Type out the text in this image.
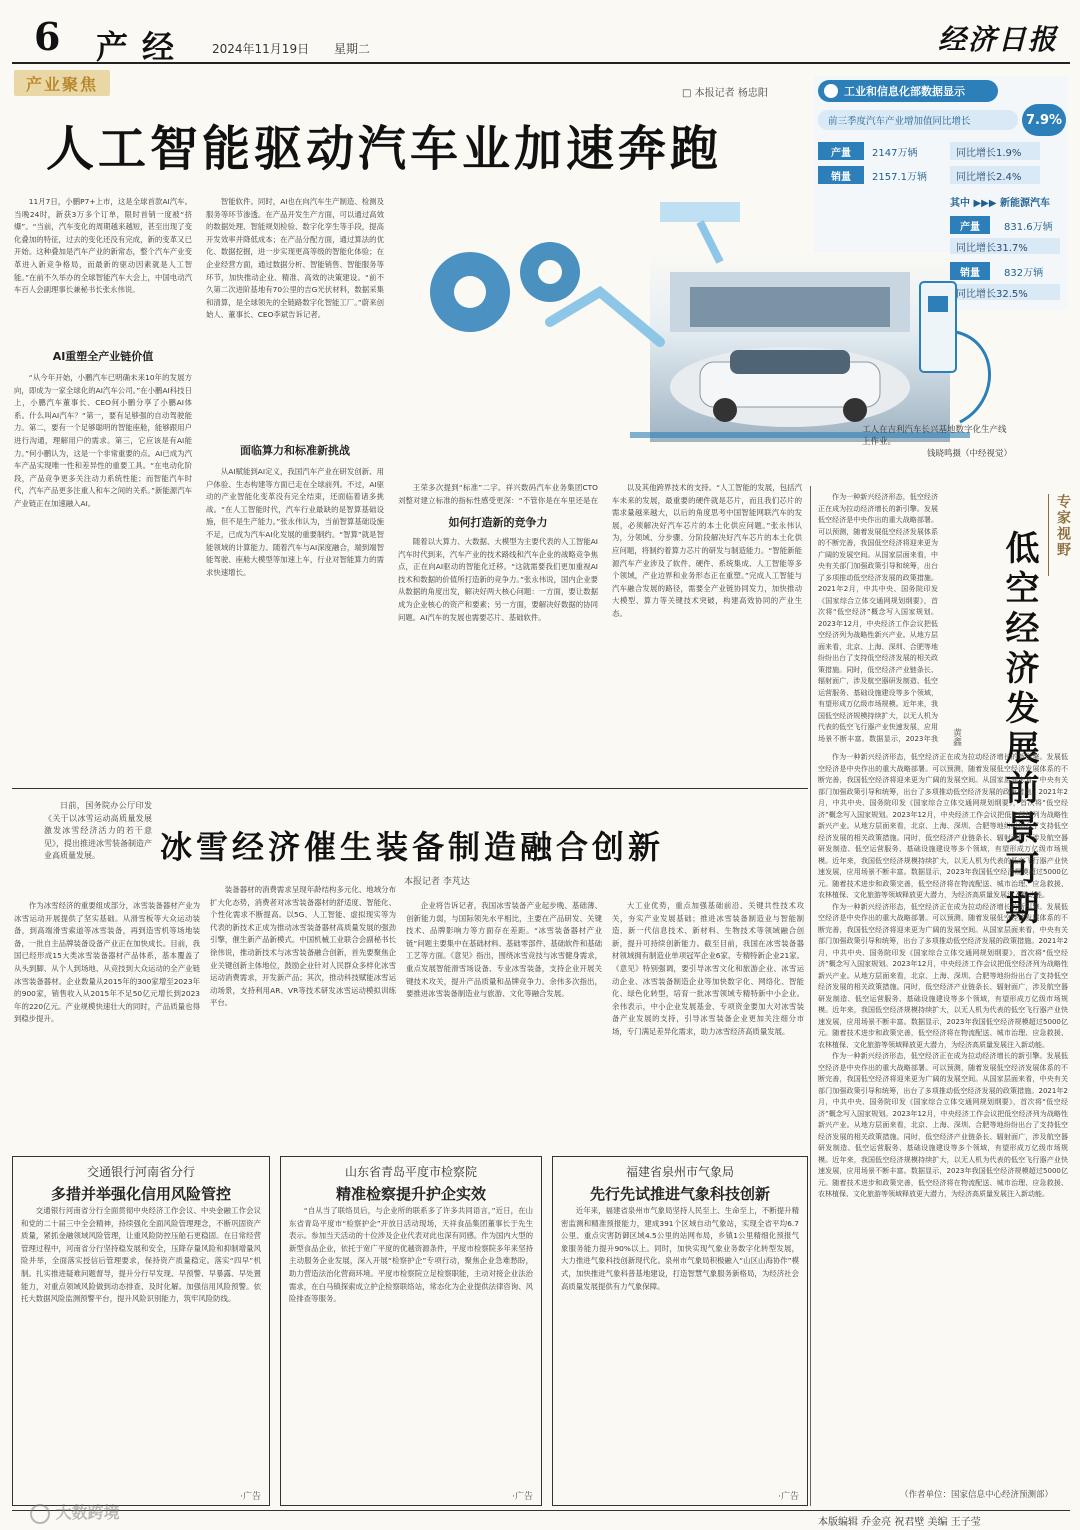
6 产经 2024年11月19日 星期二	经济日报
产业聚焦	□ 本报记者 杨忠阳
人工智能驱动汽车业加速奔跑
工业和信息化部数据显示
前三季度汽车产业增加值同比增长	7.9%
产量	2147万辆	同比增长1.9%
销量	2157.1万辆	同比增长2.4%
其中 ▶▶▶ 新能源汽车
产量	831.6万辆
同比增长31.7%
销量	832万辆
同比增长32.5%
工人在吉利汽车长兴基地数字化生产线上作业。
钱晓鸣摄（中经视觉）

11月7日，小鹏P7+上市，这是全球首款AI汽车。当晚24时，新获3万多个订单，限时首销一度被“挤爆”。“当前，汽车变化的周期越来越短，甚至出现了变化叠加的特征，过去的变化还没有完成，新的变革又已开始。这种叠加是汽车产业的新常态，整个汽车产业变革进入新竞争格局，而最新的驱动因素就是人工智能。”在前不久举办的全球智能汽车大会上，中国电动汽车百人会副理事长兼秘书长张永伟说。

AI重塑全产业链价值

“从今年开始，小鹏汽车已明确未来10年的发展方向，即成为一家全球化的AI汽车公司。”在小鹏AI科技日上，小鹏汽车董事长、CEO何小鹏分享了小鹏AI体系。什么叫AI汽车？“第一，要有足够强的自动驾驶能力。第二，要有一个足够聪明的智能座舱，能够跟用户进行沟通，理解用户的需求。第三，它应该是有AI能力。”何小鹏认为，这是一个非常重要的点。AI已成为汽车产品实现唯一性和差异性的重要工具。“在电动化阶段，产品竞争更多关注动力系统性能；而智能汽车时代，汽车产品更多注重人和车之间的关系。”新能源汽车产业链正在加速融入AI。

智能软件。同时，AI也在向汽车生产制造、检测及服务等环节渗透。在产品开发生产方面，可以通过高效的数据处理、智能规划检验、数字化孪生等手段，提高开发效率并降低成本；在产品分配方面，通过算法的优化、数据挖掘，进一步实现更高等级的智能化体验；在企业经营方面，通过数据分析、智能销售、智能服务等环节，加快推动企业、精准、高效的决策建设。“前不久第二次进阶基地有70公里的吉G光伏材料，数据采集和清算，是全球领先的全链路数字化智能工厂。”蔚来创始人、董事长、CEO李斌告诉记者。

面临算力和标准新挑战

从AI赋能到AI定义，我国汽车产业在研发创新、用户体验、生态构建等方面已走在全球前列。不过，AI驱动的产业智能化变革没有完全结束，还面临着诸多挑战。“在人工智能时代，汽车行业最缺的是智算基础设施，但不是生产能力。”张永伟认为，当前智算基础设施不足，已成为汽车AI化发展的重要制约。“智算”就是智能领域的计算能力。随着汽车与AI深度融合，端到端智能驾驶、座舱大模型等加速上车，行业对智能算力的需求快速增长。

王荣多次提到“标准”二字。祥兴数码汽车业务集团CTO刘整对建立标准的指标性感受更深：“不管你是在车里还是在

随着以大算力、大数据、大模型为主要代表的人工智能AI汽车时代到来，汽车产业的技术路线和汽车企业的战略竞争焦点，正在向AI驱动的智能化迁移。“这就需要我们更加重视AI技术和数据的价值所打造新的竞争力。”张永伟说，国内企业要从数据的角度出发，解决好两大核心问题：一方面，要让数据成为企业核心的资产和要素；另一方面，要解决好数据的协同问题。AI汽车的发展也需要芯片、基础软件。

如何打造新的竞争力

以及其他跨界技术的支持。“人工智能的发展，包括汽车未来的发展，最重要的硬件就是芯片，而且我们芯片的需求量越来越大，以后的角度思考中国智能网联汽车的发展，必须解决好汽车芯片的本土化供应问题。”张永伟认为，分领域、分步骤、分阶段解决好汽车芯片的本土化供应问题，将制约着算力芯片的研发与制造能力。“智能新能源汽车产业涉及了软件、硬件、系统集成、人工智能等多个领域，产业边界和业务形态正在重塑。”完成人工智能与汽车融合发展的路径，需要全产业链协同发力，加快推动大模型、算力等关键技术突破，构建高效协同的产业生态。

专家视野
低空经济发展前景可期
黄鑫

作为一种新兴经济形态，低空经济正在成为拉动经济增长的新引擎。发展低空经济是中央作出的重大战略部署。可以预测，随着发展低空经济发展体系的不断完善，我国低空经济将迎来更为广阔的发展空间。从国家层面来看，中央有关部门加强政策引导和统筹，出台了多项推动低空经济发展的政策措施。2021年2月，中共中央、国务院印发《国家综合立体交通网规划纲要》，首次将“低空经济”概念写入国家规划。2023年12月，中央经济工作会议把低空经济列为战略性新兴产业。从地方层面来看，北京、上海、深圳、合肥等地纷纷出台了支持低空经济发展的相关政策措施。同时，低空经济产业链条长、辐射面广，涉及航空器研发制造、低空运营服务、基础设施建设等多个领域，有望形成万亿级市场规模。近年来，我国低空经济规模持续扩大，以无人机为代表的低空飞行器产业快速发展，应用场景不断丰富。数据显示，2023年我

作为一种新兴经济形态，低空经济正在成为拉动经济增长的新引擎。发展低空经济是中央作出的重大战略部署。可以预测，随着发展低空经济发展体系的不断完善，我国低空经济将迎来更为广阔的发展空间。从国家层面来看，中央有关部门加强政策引导和统筹，出台了多项推动低空经济发展的政策措施。2021年2月，中共中央、国务院印发《国家综合立体交通网规划纲要》，首次将“低空经济”概念写入国家规划。2023年12月，中央经济工作会议把低空经济列为战略性新兴产业。从地方层面来看，北京、上海、深圳、合肥等地纷纷出台了支持低空经济发展的相关政策措施。同时，低空经济产业链条长、辐射面广，涉及航空器研发制造、低空运营服务、基础设施建设等多个领域，有望形成万亿级市场规模。近年来，我国低空经济规模持续扩大，以无人机为代表的低空飞行器产业快速发展，应用场景不断丰富。数据显示，2023年我国低空经济规模超过5000亿元。随着技术进步和政策完善，低空经济将在物流配送、城市治理、应急救援、农林植保、文化旅游等领域释放更大潜力，为经济高质量发展注入新动能。

作为一种新兴经济形态，低空经济正在成为拉动经济增长的新引擎。发展低空经济是中央作出的重大战略部署。可以预测，随着发展低空经济发展体系的不断完善，我国低空经济将迎来更为广阔的发展空间。从国家层面来看，中央有关部门加强政策引导和统筹，出台了多项推动低空经济发展的政策措施。2021年2月，中共中央、国务院印发《国家综合立体交通网规划纲要》，首次将“低空经济”概念写入国家规划。2023年12月，中央经济工作会议把低空经济列为战略性新兴产业。从地方层面来看，北京、上海、深圳、合肥等地纷纷出台了支持低空经济发展的相关政策措施。同时，低空经济产业链条长、辐射面广，涉及航空器研发制造、低空运营服务、基础设施建设等多个领域，有望形成万亿级市场规模。近年来，我国低空经济规模持续扩大，以无人机为代表的低空飞行器产业快速发展，应用场景不断丰富。数据显示，2023年我国低空经济规模超过5000亿元。随着技术进步和政策完善，低空经济将在物流配送、城市治理、应急救援、农林植保、文化旅游等领域释放更大潜力，为经济高质量发展注入新动能。

作为一种新兴经济形态，低空经济正在成为拉动经济增长的新引擎。发展低空经济是中央作出的重大战略部署。可以预测，随着发展低空经济发展体系的不断完善，我国低空经济将迎来更为广阔的发展空间。从国家层面来看，中央有关部门加强政策引导和统筹，出台了多项推动低空经济发展的政策措施。2021年2月，中共中央、国务院印发《国家综合立体交通网规划纲要》，首次将“低空经济”概念写入国家规划。2023年12月，中央经济工作会议把低空经济列为战略性新兴产业。从地方层面来看，北京、上海、深圳、合肥等地纷纷出台了支持低空经济发展的相关政策措施。同时，低空经济产业链条长、辐射面广，涉及航空器研发制造、低空运营服务、基础设施建设等多个领域，有望形成万亿级市场规模。近年来，我国低空经济规模持续扩大，以无人机为代表的低空飞行器产业快速发展，应用场景不断丰富。数据显示，2023年我国低空经济规模超过5000亿元。随着技术进步和政策完善，低空经济将在物流配送、城市治理、应急救援、农林植保、文化旅游等领域释放更大潜力，为经济高质量发展注入新动能。

（作者单位：国家信息中心经济预测部）

日前，国务院办公厅印发《关于以冰雪运动高质量发展激发冰雪经济活力的若干意见》，提出推进冰雪装备制造产业高质量发展。	冰雪经济催生装备制造融合创新
本报记者 李芃达

作为冰雪经济的重要组成部分，冰雪装备器材产业为冰雪运动开展提供了坚实基础。从滑雪板等大众运动装备，到高端滑雪索道等冰雪装备，再到造雪机等场地装备，一批自主品牌装备设备产业正在加快成长。目前，我国已经形成15大类冰雪装备器材产品体系，基本覆盖了从头到脚、从个人到场地、从竞技到大众运动的全产业链冰雪装备器材。企业数量从2015年的300家增至2023年的900家，销售收入从2015年不足50亿元增长到2023年的220亿元。产业规模快速壮大的同时，产品质量也得到稳步提升。

装备器材的消费需求呈现年龄结构多元化、地域分布扩大化态势，消费者对冰雪装备器材的舒适度、智能化、个性化需求不断提高。以5G、人工智能、虚拟现实等为代表的新技术正成为推动冰雪装备器材高质量发展的强劲引擎，催生新产品新模式。中国机械工业联合会副秘书长徐伟说，推动新技术与冰雪装备融合创新，首先要聚焦企业关键创新主体地位，鼓励企业针对人民群众多样化冰雪运动消费需求，开发新产品；其次，推动科技赋能冰雪运动场景，支持利用AR、VR等技术研发冰雪运动模拟训练平台。

企业将告诉记者，我国冰雪装备产业起步晚、基础薄、创新能力弱，与国际领先水平相比，主要在产品研发、关键技术、品牌影响力等方面存在差距。“冰雪装备器材产业链”问题主要集中在基础材料、基础零部件、基础软件和基础工艺等方面。《意见》指出，围绕冰雪竞技与冰雪健身需求，重点发展智能滑雪场设备、专业冰雪装备，支持企业开展关键技术攻关，提升产品质量和品牌竞争力。余伟多次指出，要推进冰雪装备制造业与旅游、文化等融合发展。

大工业优势，重点加强基础前沿、关键共性技术攻关，夯实产业发展基础；推进冰雪装备制造业与智能制造、新一代信息技术、新材料、生物技术等领域融合创新，提升可持续创新能力。截至目前，我国在冰雪装备器材领域拥有制造业单项冠军企业6家、专精特新企业21家。《意见》特别强调，要引导冰雪文化和旅游企业、冰雪运动企业、冰雪装备制造企业等加快数字化、网络化、智能化、绿色化转型，培育一批冰雪领域专精特新中小企业。余伟表示，中小企业发展基金、专项资金要加大对冰雪装备产业发展的支持，引导冰雪装备企业更加关注细分市场，专门满足差异化需求，助力冰雪经济高质量发展。

交通银行河南省分行
多措并举强化信用风险管控

交通银行河南省分行全面贯彻中央经济工作会议、中央金融工作会议和党的二十届三中全会精神，持续强化全面风险管理理念，不断巩固资产质量，紧抓金融领域风险管理，让重风险防控压舱石更稳固。在日常经营管理过程中，河南省分行坚持稳发展和安全，压降存量风险和抑制增量风险并举，全面落实授信后管理要求，保持资产质量稳定。落实“四早”机制。扎实推进疑难问题督导，提升分行早发现、早预警、早暴露、早处置能力，对重点领域风险做到动态排查、及时化解。加强信用风险预警。依托大数据风险监测预警平台，提升风险识别能力，筑牢风险防线。

·广告
山东省青岛平度市检察院
精准检察提升护企实效

“自从当了联络员后，与企业所的联系多了许多共同语言，”近日，在山东省青岛平度市“检察护企”开放日活动现场，天祥食品集团董事长于先生表示。参加当天活动的十位涉及企业代表对此也深有同感。作为国内大型的新型食品企业，依托于宽广平度的优越资源条件，平度市检察院多年来坚持主动服务企业发展，深入开展“检察护企”专项行动，聚焦企业急难愁盼，助力营造法治化营商环境。平度市检察院立足检察职能，主动对接企业法治需求，在白马镇探索成立护企检察联络站，常态化为企业提供法律咨询、风险排查等服务。

·广告
福建省泉州市气象局
先行先试推进气象科技创新

近年来，福建省泉州市气象局坚持人民至上、生命至上，不断提升精密监测和精准预报能力，建成391个区域自动气象站，实现全省平均6.7公里、重点灾害防御区域4.5公里的站网布局，乡镇1公里精细化预报气象服务能力提升90%以上。同时，加快实现气象业务数字化转型发展，大力推进气象科技创新现代化。泉州市气象局积极融入“山区山海协作”模式，加快推进气象科普基地建设，打造智慧气象服务新格局，为经济社会高质量发展提供有力气象保障。

·广告
本版编辑 乔金亮 祝君壁 美编 王子莹
大数跨境
